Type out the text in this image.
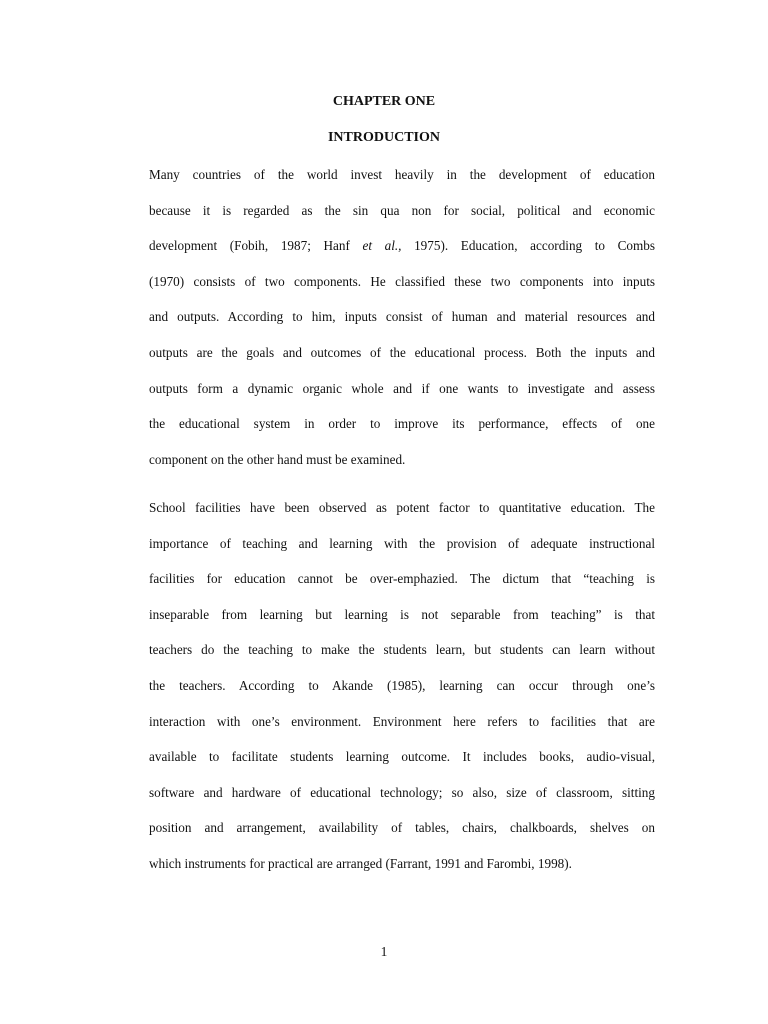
CHAPTER ONE
INTRODUCTION

Many countries of the world invest heavily in the development of education
because it is regarded as the sin qua non for social, political and economic
development (Fobih, 1987; Hanf et al., 1975). Education, according to Combs
(1970) consists of two components. He classified these two components into inputs
and outputs. According to him, inputs consist of human and material resources and
outputs are the goals and outcomes of the educational process. Both the inputs and
outputs form a dynamic organic whole and if one wants to investigate and assess
the educational system in order to improve its performance, effects of one
component on the other hand must be examined.

School facilities have been observed as potent factor to quantitative education. The
importance of teaching and learning with the provision of adequate instructional
facilities for education cannot be over-emphazied. The dictum that “teaching is
inseparable from learning but learning is not separable from teaching” is that
teachers do the teaching to make the students learn, but students can learn without
the teachers. According to Akande (1985), learning can occur through one’s
interaction with one’s environment. Environment here refers to facilities that are
available to facilitate students learning outcome. It includes books, audio-visual,
software and hardware of educational technology; so also, size of classroom, sitting
position and arrangement, availability of tables, chairs, chalkboards, shelves on
which instruments for practical are arranged (Farrant, 1991 and Farombi, 1998).

1
